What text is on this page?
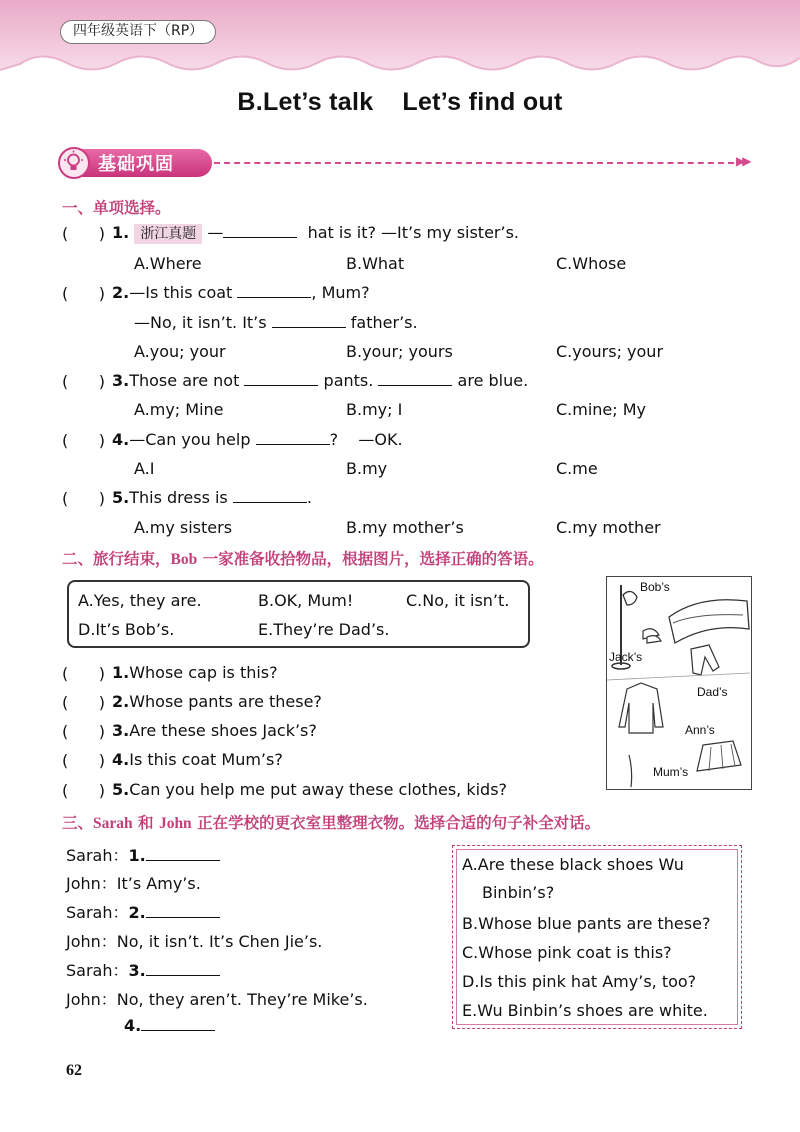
四年级英语下（RP）
B.Let’s talk    Let’s find out
基础巩固	▶▶
一、单项选择。
(      ) 1. 浙江真题 —	hat is it? —It’s my sister’s.
A.Where	B.What	C.Whose
(      ) 2.—Is this coat	, Mum?
—No, it isn’t. It’s	father’s.
A.you; your	B.your; yours	C.yours; your
(      ) 3.Those are not	pants.	are blue.
A.my; Mine	B.my; I	C.mine; My
(      ) 4.—Can you help	?    —OK.
A.I	B.my	C.me
(      ) 5.This dress is	.
A.my sisters	B.my mother’s	C.my mother
二、旅行结束，Bob 一家准备收拾物品，根据图片，选择正确的答语。
A.Yes, they are.	B.OK, Mum!	C.No, it isn’t.
D.It’s Bob’s.	E.They’re Dad’s.
Bob’s
Jack’s
Dad’s
Ann’s
Mum’s
(      ) 1.Whose cap is this?
(      ) 2.Whose pants are these?
(      ) 3.Are these shoes Jack’s?
(      ) 4.Is this coat Mum’s?
(      ) 5.Can you help me put away these clothes, kids?
三、Sarah 和 John 正在学校的更衣室里整理衣物。选择合适的句子补全对话。
Sarah：1.
John：It’s Amy’s.
Sarah：2.
John：No, it isn’t. It’s Chen Jie’s.
Sarah：3.
John：No, they aren’t. They’re Mike’s.
4.
A.Are these black shoes Wu
Binbin’s?
B.Whose blue pants are these?
C.Whose pink coat is this?
D.Is this pink hat Amy’s, too?
E.Wu Binbin’s shoes are white.
62
